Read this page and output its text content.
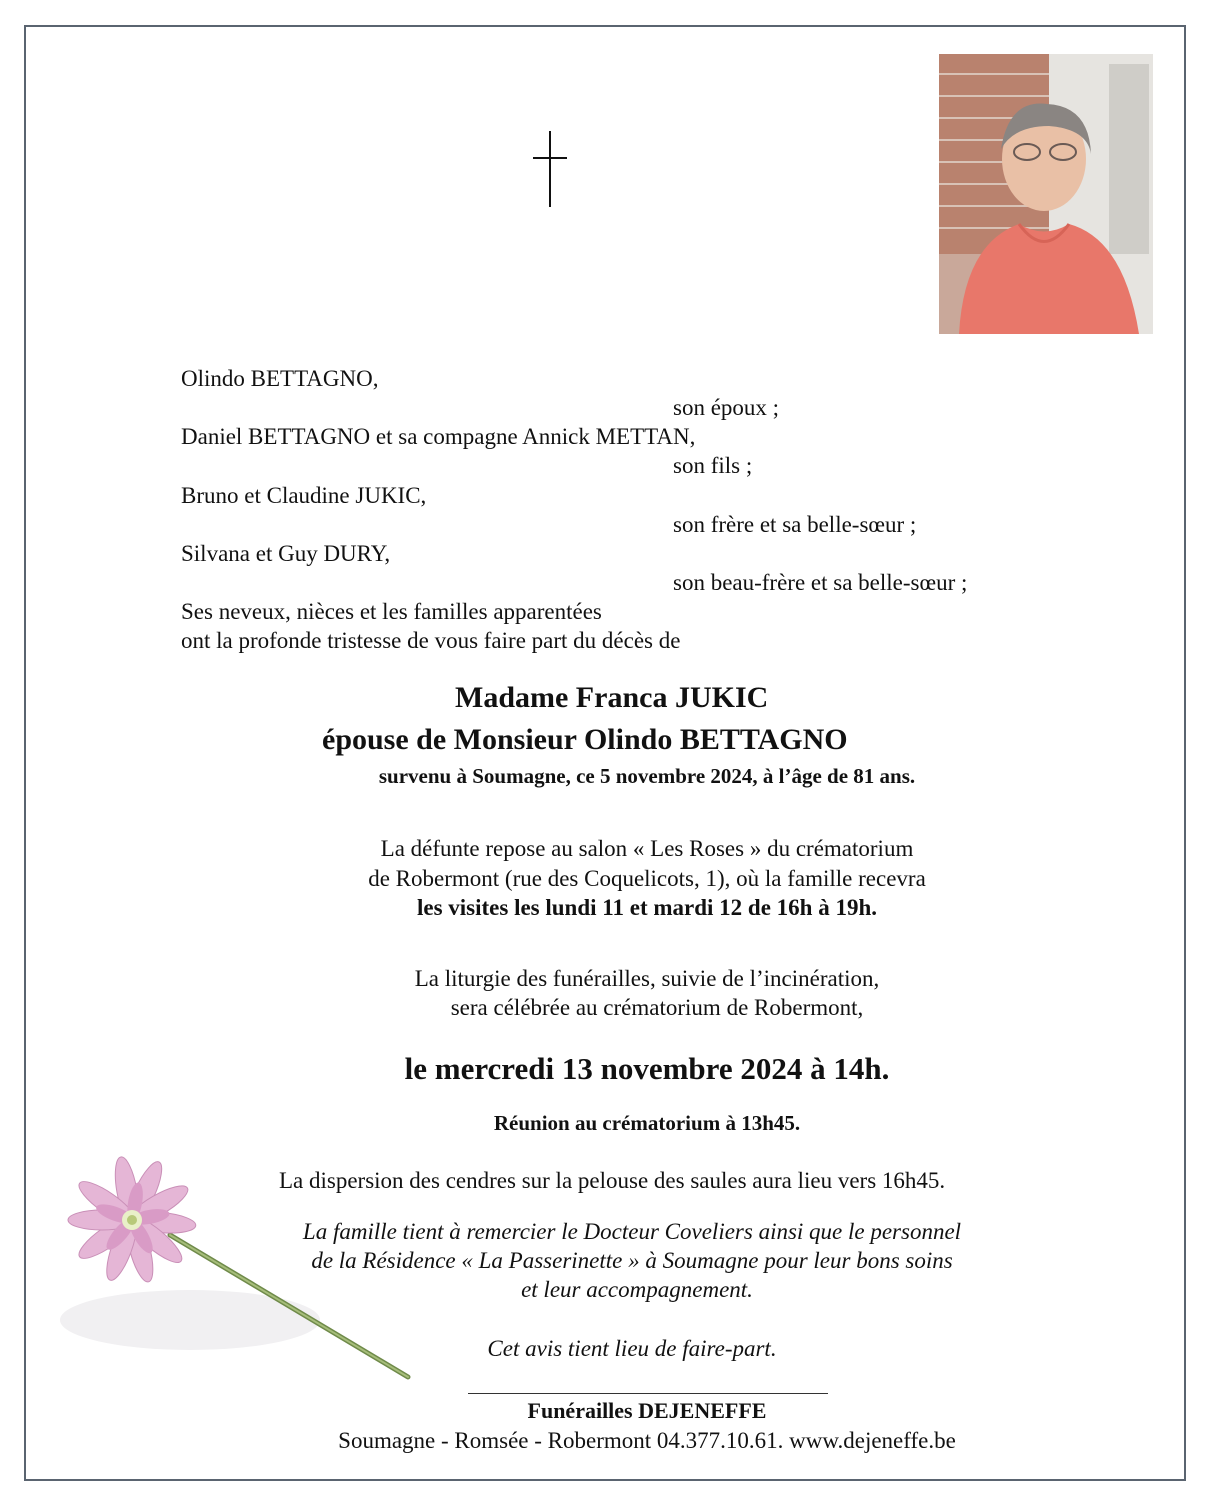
Olindo BETTAGNO,
son époux ;
Daniel BETTAGNO et sa compagne Annick METTAN,
son fils ;
Bruno et Claudine JUKIC,
son frère et sa belle-sœur ;
Silvana et Guy DURY,
son beau-frère et sa belle-sœur ;
Ses neveux, nièces et les familles apparentées
ont la profonde tristesse de vous faire part du décès de
Madame Franca JUKIC
épouse de Monsieur Olindo BETTAGNO
survenu à Soumagne, ce 5 novembre 2024, à l’âge de 81 ans.
La défunte repose au salon « Les Roses » du crématorium
de Robermont (rue des Coquelicots, 1), où la famille recevra
les visites les lundi 11 et mardi 12 de 16h à 19h.
La liturgie des funérailles, suivie de l’incinération,
sera célébrée au crématorium de Robermont,
le mercredi 13 novembre 2024 à 14h.
Réunion au crématorium à 13h45.
La dispersion des cendres sur la pelouse des saules aura lieu vers 16h45.
La famille tient à remercier le Docteur Coveliers ainsi que le personnel
de la Résidence « La Passerinette » à Soumagne pour leur bons soins
et leur accompagnement.
Cet avis tient lieu de faire-part.
Funérailles DEJENEFFE
Soumagne - Romsée - Robermont 04.377.10.61. www.dejeneffe.be
